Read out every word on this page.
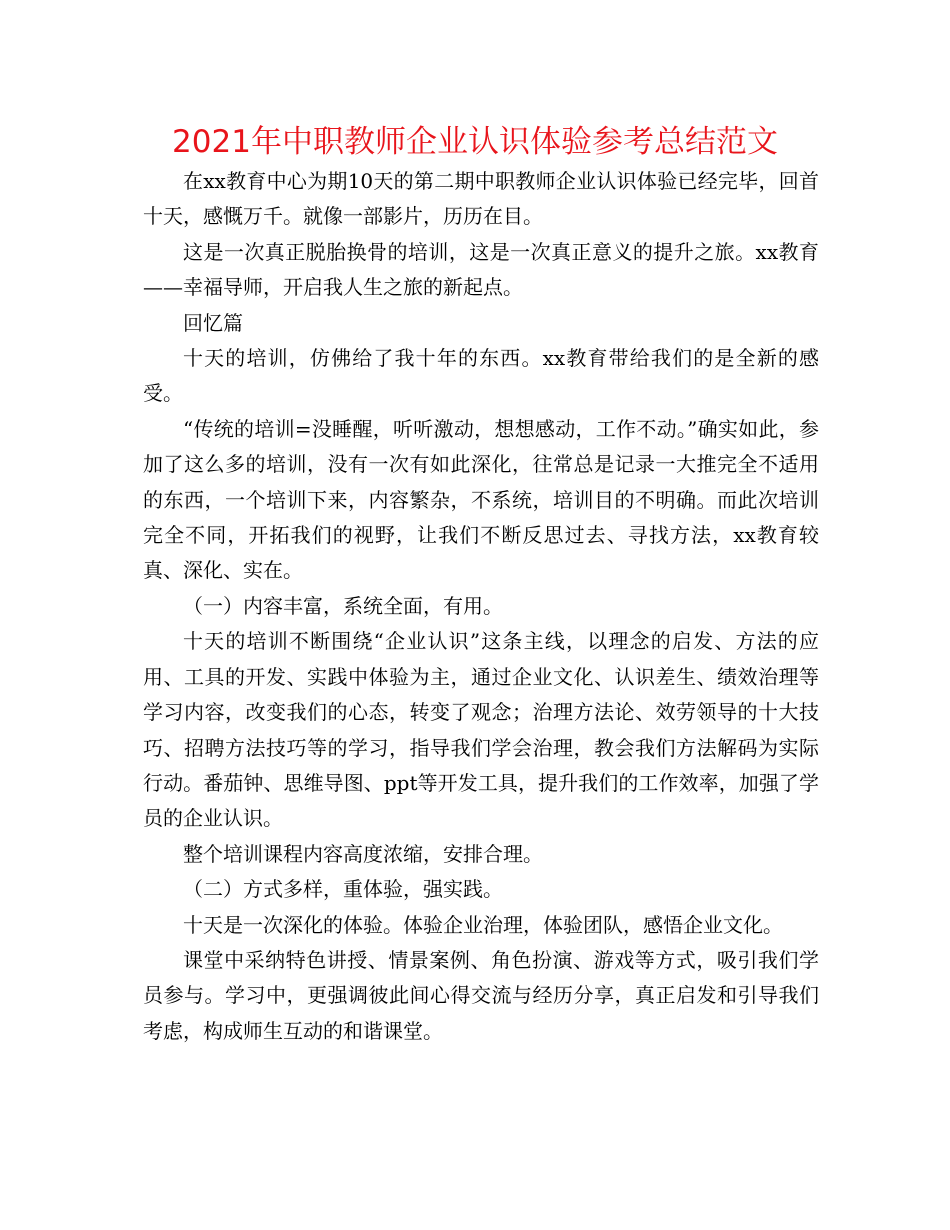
2021年中职教师企业认识体验参考总结范文

在xx教育中心为期10天的第二期中职教师企业认识体验已经完毕，回首十天，感慨万千。就像一部影片，历历在目。

这是一次真正脱胎换骨的培训，这是一次真正意义的提升之旅。xx教育——幸福导师，开启我人生之旅的新起点。

回忆篇

十天的培训，仿佛给了我十年的东西。xx教育带给我们的是全新的感受。

“传统的培训=没睡醒，听听激动，想想感动，工作不动。”确实如此，参加了这么多的培训，没有一次有如此深化，往常总是记录一大推完全不适用的东西，一个培训下来，内容繁杂，不系统，培训目的不明确。而此次培训完全不同，开拓我们的视野，让我们不断反思过去、寻找方法，xx教育较真、深化、实在。

（一）内容丰富，系统全面，有用。

十天的培训不断围绕“企业认识”这条主线，以理念的启发、方法的应用、工具的开发、实践中体验为主，通过企业文化、认识差生、绩效治理等学习内容，改变我们的心态，转变了观念；治理方法论、效劳领导的十大技巧、招聘方法技巧等的学习，指导我们学会治理，教会我们方法解码为实际行动。番茄钟、思维导图、ppt等开发工具，提升我们的工作效率，加强了学员的企业认识。

整个培训课程内容高度浓缩，安排合理。

（二）方式多样，重体验，强实践。

十天是一次深化的体验。体验企业治理，体验团队，感悟企业文化。

课堂中采纳特色讲授、情景案例、角色扮演、游戏等方式，吸引我们学员参与。学习中，更强调彼此间心得交流与经历分享，真正启发和引导我们考虑，构成师生互动的和谐课堂。
